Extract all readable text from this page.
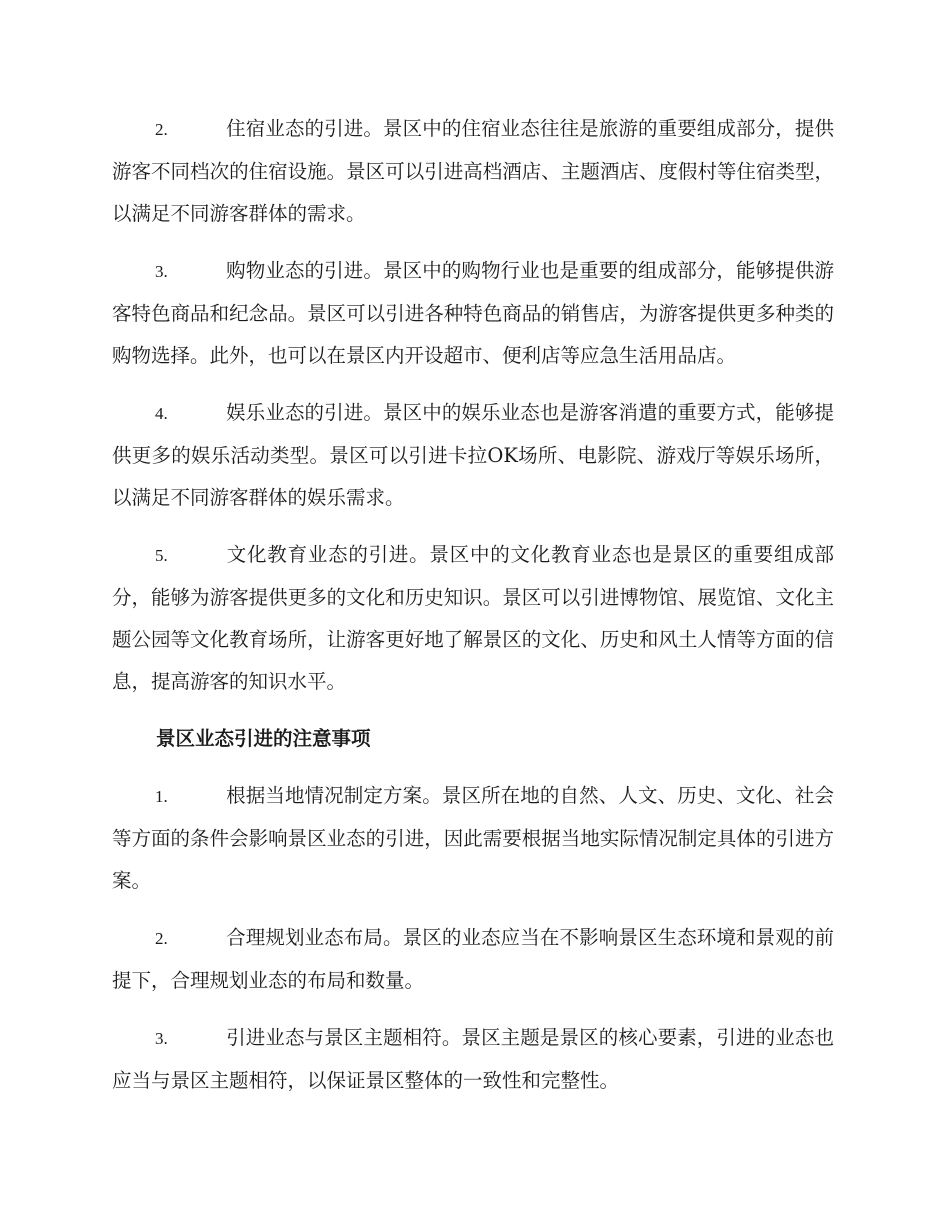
2.	住宿业态的引进。景区中的住宿业态往往是旅游的重要组成部分，提供游客不同档次的住宿设施。景区可以引进高档酒店、主题酒店、度假村等住宿类型，以满足不同游客群体的需求。

3.	购物业态的引进。景区中的购物行业也是重要的组成部分，能够提供游客特色商品和纪念品。景区可以引进各种特色商品的销售店，为游客提供更多种类的购物选择。此外，也可以在景区内开设超市、便利店等应急生活用品店。

4.	娱乐业态的引进。景区中的娱乐业态也是游客消遣的重要方式，能够提供更多的娱乐活动类型。景区可以引进卡拉OK场所、电影院、游戏厅等娱乐场所，以满足不同游客群体的娱乐需求。

5.	文化教育业态的引进。景区中的文化教育业态也是景区的重要组成部分，能够为游客提供更多的文化和历史知识。景区可以引进博物馆、展览馆、文化主题公园等文化教育场所，让游客更好地了解景区的文化、历史和风土人情等方面的信息，提高游客的知识水平。

景区业态引进的注意事项

1.	根据当地情况制定方案。景区所在地的自然、人文、历史、文化、社会等方面的条件会影响景区业态的引进，因此需要根据当地实际情况制定具体的引进方案。

2.	合理规划业态布局。景区的业态应当在不影响景区生态环境和景观的前提下，合理规划业态的布局和数量。

3.	引进业态与景区主题相符。景区主题是景区的核心要素，引进的业态也应当与景区主题相符，以保证景区整体的一致性和完整性。
